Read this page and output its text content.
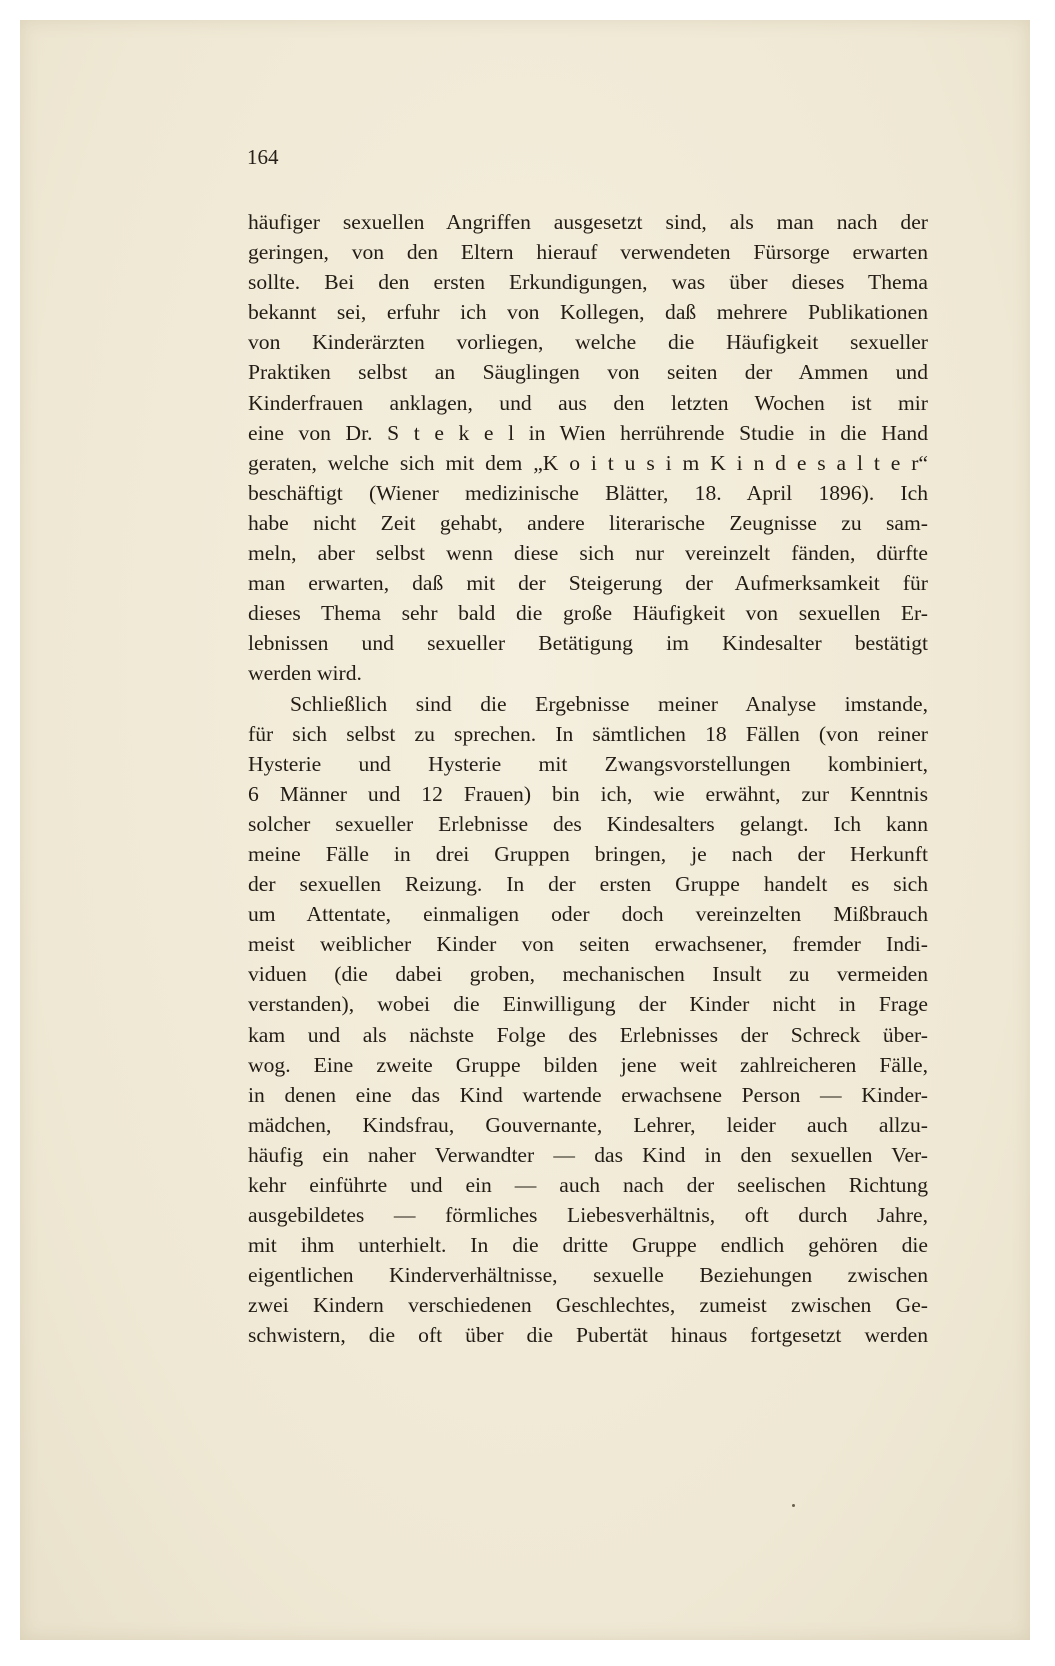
164
häufiger sexuellen Angriffen ausgesetzt sind, als man nach der
geringen, von den Eltern hierauf verwendeten Fürsorge erwarten
sollte. Bei den ersten Erkundigungen, was über dieses Thema
bekannt sei, erfuhr ich von Kollegen, daß mehrere Publikationen
von Kinderärzten vorliegen, welche die Häufigkeit sexueller
Praktiken selbst an Säuglingen von seiten der Ammen und
Kinderfrauen anklagen, und aus den letzten Wochen ist mir
eine von Dr. S t e k e l in Wien herrührende Studie in die Hand
geraten, welche sich mit dem „K o i t u s i m K i n d e s a l t e r“
beschäftigt (Wiener medizinische Blätter, 18. April 1896). Ich
habe nicht Zeit gehabt, andere literarische Zeugnisse zu sam-
meln, aber selbst wenn diese sich nur vereinzelt fänden, dürfte
man erwarten, daß mit der Steigerung der Aufmerksamkeit für
dieses Thema sehr bald die große Häufigkeit von sexuellen Er-
lebnissen und sexueller Betätigung im Kindesalter bestätigt
werden wird.
Schließlich sind die Ergebnisse meiner Analyse imstande,
für sich selbst zu sprechen. In sämtlichen 18 Fällen (von reiner
Hysterie und Hysterie mit Zwangsvorstellungen kombiniert,
6 Männer und 12 Frauen) bin ich, wie erwähnt, zur Kenntnis
solcher sexueller Erlebnisse des Kindesalters gelangt. Ich kann
meine Fälle in drei Gruppen bringen, je nach der Herkunft
der sexuellen Reizung. In der ersten Gruppe handelt es sich
um Attentate, einmaligen oder doch vereinzelten Mißbrauch
meist weiblicher Kinder von seiten erwachsener, fremder Indi-
viduen (die dabei groben, mechanischen Insult zu vermeiden
verstanden), wobei die Einwilligung der Kinder nicht in Frage
kam und als nächste Folge des Erlebnisses der Schreck über-
wog. Eine zweite Gruppe bilden jene weit zahlreicheren Fälle,
in denen eine das Kind wartende erwachsene Person — Kinder-
mädchen, Kindsfrau, Gouvernante, Lehrer, leider auch allzu-
häufig ein naher Verwandter — das Kind in den sexuellen Ver-
kehr einführte und ein — auch nach der seelischen Richtung
ausgebildetes — förmliches Liebesverhältnis, oft durch Jahre,
mit ihm unterhielt. In die dritte Gruppe endlich gehören die
eigentlichen Kinderverhältnisse, sexuelle Beziehungen zwischen
zwei Kindern verschiedenen Geschlechtes, zumeist zwischen Ge-
schwistern, die oft über die Pubertät hinaus fortgesetzt werden
